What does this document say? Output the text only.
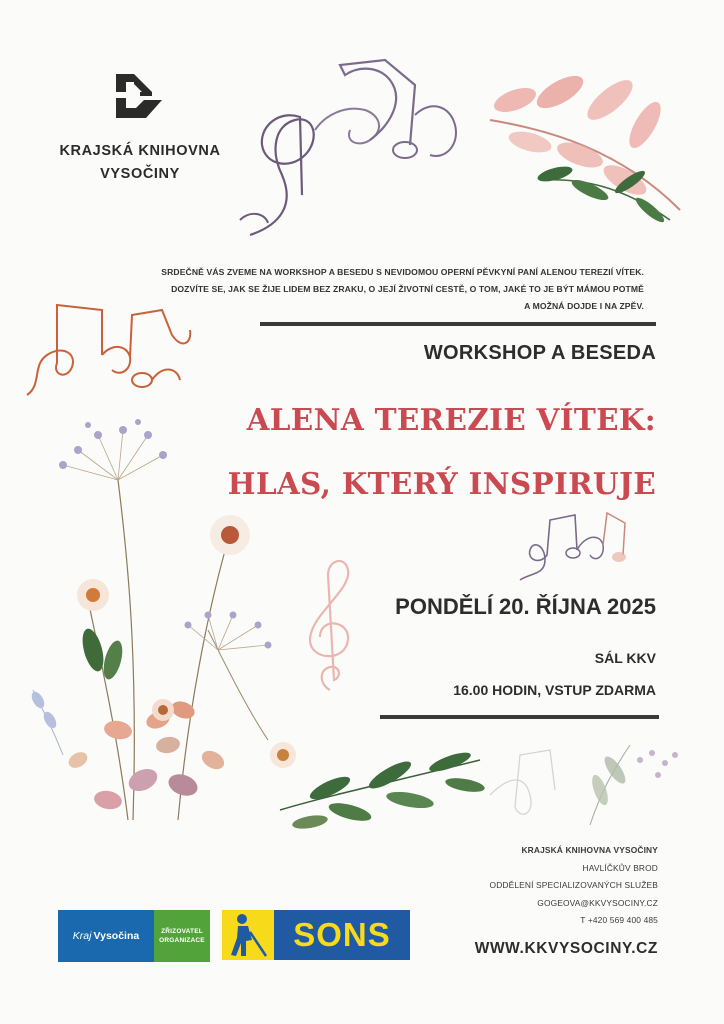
KRAJSKÁ KNIHOVNA
VYSOČINY
SRDEČNĚ VÁS ZVEME NA WORKSHOP A BESEDU S NEVIDOMOU OPERNÍ PĚVKYNÍ PANÍ ALENOU TEREZIÍ VÍTEK.
DOZVÍTE SE, JAK SE ŽIJE LIDEM BEZ ZRAKU, O JEJÍ ŽIVOTNÍ CESTĚ, O TOM, JAKÉ TO JE BÝT MÁMOU POTMĚ
A MOŽNÁ DOJDE I NA ZPĚV.
WORKSHOP A BESEDA
ALENA TEREZIE VÍTEK:
HLAS, KTERÝ INSPIRUJE
PONDĚLÍ 20. ŘÍJNA 2025
SÁL KKV
16.00 HODIN, VSTUP ZDARMA
KRAJSKÁ KNIHOVNA VYSOČINY
HAVLÍČKŮV BROD
ODDĚLENÍ SPECIALIZOVANÝCH SLUŽEB
GOGEOVA@KKVYSOCINY.CZ
T +420 569 400 485
WWW.KKVYSOCINY.CZ
Kraj Vysočina	ZŘIZOVATEL
ORGANIZACE	SONS
